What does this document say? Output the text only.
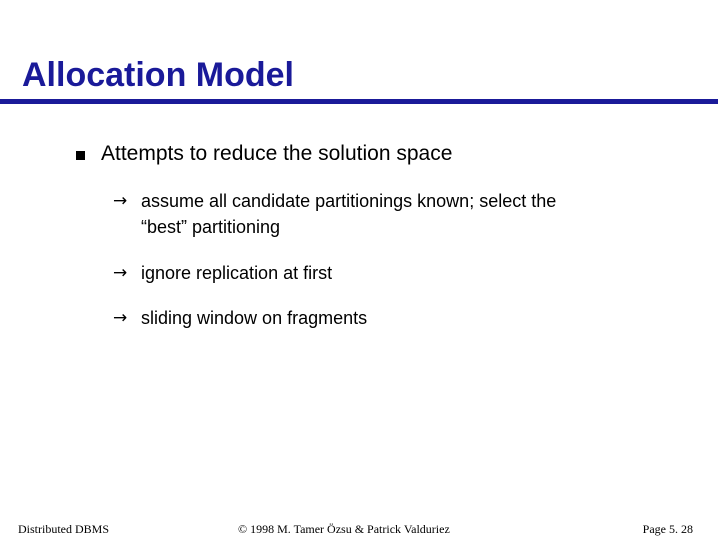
Allocation Model
Attempts to reduce the solution space
→ assume all candidate partitionings known; select the
“best” partitioning
→ ignore replication at first
→ sliding window on fragments
Distributed DBMS	© 1998 M. Tamer Özsu & Patrick Valduriez	Page 5. 28
